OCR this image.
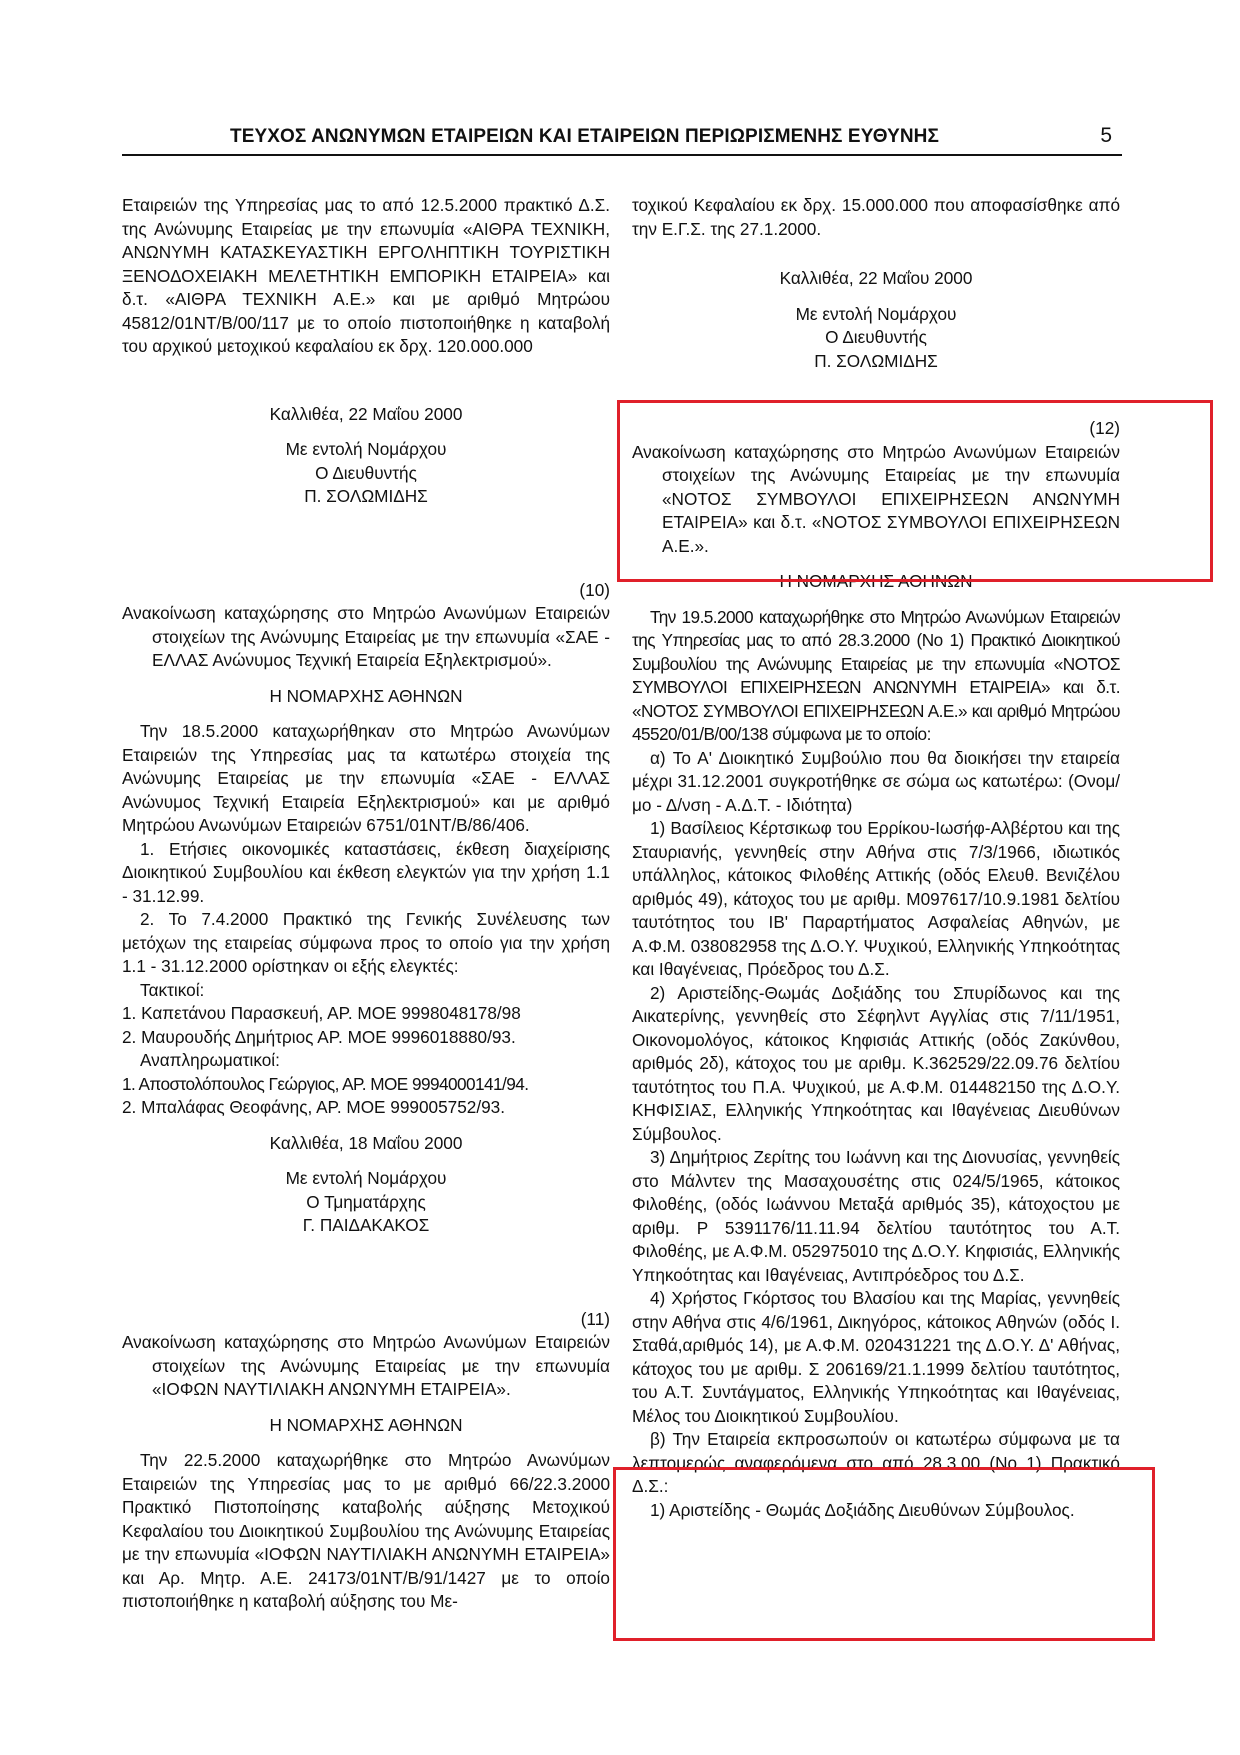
ΤΕΥΧΟΣ ΑΝΩΝΥΜΩΝ ΕΤΑΙΡΕΙΩΝ ΚΑΙ ΕΤΑΙΡΕΙΩΝ ΠΕΡΙΩΡΙΣΜΕΝΗΣ ΕΥΘΥΝΗΣ	5

Εταιρειών της Υπηρεσίας μας το από 12.5.2000 πρακτικό Δ.Σ. της Ανώνυμης Εταιρείας με την επωνυμία «ΑΙΘΡΑ ΤΕΧΝΙΚΗ, ΑΝΩΝΥΜΗ ΚΑΤΑΣΚΕΥΑΣΤΙΚΗ ΕΡΓΟΛΗΠΤΙΚΗ ΤΟΥΡΙΣΤΙΚΗ ΞΕΝΟΔΟΧΕΙΑΚΗ ΜΕΛΕΤΗΤΙΚΗ ΕΜΠΟΡΙΚΗ ΕΤΑΙΡΕΙΑ» και δ.τ. «ΑΙΘΡΑ ΤΕΧΝΙΚΗ Α.Ε.» και με αριθμό Μητρώου 45812/01ΝΤ/Β/00/117 με το οποίο πιστοποιήθηκε η καταβολή του αρχικού μετοχικού κεφαλαίου εκ δρχ. 120.000.000

Καλλιθέα, 22 Μαΐου 2000

Με εντολή Νομάρχου

Ο Διευθυντής

Π. ΣΟΛΩΜΙΔΗΣ

(10)

Ανακοίνωση καταχώρησης στο Μητρώο Ανωνύμων Εταιρειών στοιχείων της Ανώνυμης Εταιρείας με την επωνυμία «ΣΑΕ - ΕΛΛΑΣ Ανώνυμος Τεχνική Εταιρεία Εξηλεκτρισμού».

Η ΝΟΜΑΡΧΗΣ ΑΘΗΝΩΝ

Την 18.5.2000 καταχωρήθηκαν στο Μητρώο Ανωνύμων Εταιρειών της Υπηρεσίας μας τα κατωτέρω στοιχεία της Ανώνυμης Εταιρείας με την επωνυμία «ΣΑΕ - ΕΛΛΑΣ Ανώνυμος Τεχνική Εταιρεία Εξηλεκτρισμού» και με αριθμό Μητρώου Ανωνύμων Εταιρειών 6751/01ΝΤ/Β/86/406.

1. Ετήσιες οικονομικές καταστάσεις, έκθεση διαχείρισης Διοικητικού Συμβουλίου και έκθεση ελεγκτών για την χρήση 1.1 - 31.12.99.

2. Το 7.4.2000 Πρακτικό της Γενικής Συνέλευσης των μετόχων της εταιρείας σύμφωνα προς το οποίο για την χρήση 1.1 - 31.12.2000 ορίστηκαν οι εξής ελεγκτές:

Τακτικοί:

1. Καπετάνου Παρασκευή, ΑΡ. ΜΟΕ 9998048178/98

2. Μαυρουδής Δημήτριος ΑΡ. ΜΟΕ 9996018880/93.

Αναπληρωματικοί:

1. Αποστολόπουλος Γεώργιος, ΑΡ. ΜΟΕ 9994000141/94.

2. Μπαλάφας Θεοφάνης, ΑΡ. ΜΟΕ 999005752/93.

Καλλιθέα, 18 Μαΐου 2000

Με εντολή Νομάρχου

Ο Τμηματάρχης

Γ. ΠΑΙΔΑΚΑΚΟΣ

(11)

Ανακοίνωση καταχώρησης στο Μητρώο Ανωνύμων Εταιρειών στοιχείων της Ανώνυμης Εταιρείας με την επωνυμία «ΙΟΦΩΝ ΝΑΥΤΙΛΙΑΚΗ ΑΝΩΝΥΜΗ ΕΤΑΙΡΕΙΑ».

Η ΝΟΜΑΡΧΗΣ ΑΘΗΝΩΝ

Την 22.5.2000 καταχωρήθηκε στο Μητρώο Ανωνύμων Εταιρειών της Υπηρεσίας μας το με αριθμό 66/22.3.2000 Πρακτικό Πιστοποίησης καταβολής αύξησης Μετοχικού Κεφαλαίου του Διοικητικού Συμβουλίου της Ανώνυμης Εταιρείας με την επωνυμία «ΙΟΦΩΝ ΝΑΥΤΙΛΙΑΚΗ ΑΝΩΝΥΜΗ ΕΤΑΙΡΕΙΑ» και Αρ. Μητρ. Α.Ε. 24173/01ΝΤ/Β/91/1427 με το οποίο πιστοποιήθηκε η καταβολή αύξησης του Με-

τοχικού Κεφαλαίου εκ δρχ. 15.000.000 που αποφασίσθηκε από την Ε.Γ.Σ. της 27.1.2000.

Καλλιθέα, 22 Μαΐου 2000

Με εντολή Νομάρχου

Ο Διευθυντής

Π. ΣΟΛΩΜΙΔΗΣ

(12)

Ανακοίνωση καταχώρησης στο Μητρώο Ανωνύμων Εταιρειών στοιχείων της Ανώνυμης Εταιρείας με την επωνυμία «ΝΟΤΟΣ ΣΥΜΒΟΥΛΟΙ ΕΠΙΧΕΙΡΗΣΕΩΝ ΑΝΩΝΥΜΗ ΕΤΑΙΡΕΙΑ» και δ.τ. «ΝΟΤΟΣ ΣΥΜΒΟΥΛΟΙ ΕΠΙΧΕΙΡΗΣΕΩΝ Α.Ε.».

Η ΝΟΜΑΡΧΗΣ ΑΘΗΝΩΝ

Την 19.5.2000 καταχωρήθηκε στο Μητρώο Ανωνύμων Εταιρειών της Υπηρεσίας μας το από 28.3.2000 (Νο 1) Πρακτικό Διοικητικού Συμβουλίου της Ανώνυμης Εταιρείας με την επωνυμία «ΝΟΤΟΣ ΣΥΜΒΟΥΛΟΙ ΕΠΙΧΕΙΡΗΣΕΩΝ ΑΝΩΝΥΜΗ ΕΤΑΙΡΕΙΑ» και δ.τ. «ΝΟΤΟΣ ΣΥΜΒΟΥΛΟΙ ΕΠΙΧΕΙΡΗΣΕΩΝ Α.Ε.» και αριθμό Μητρώου 45520/01/Β/00/138 σύμφωνα με το οποίο:

α) Το Α' Διοικητικό Συμβούλιο που θα διοικήσει την εταιρεία μέχρι 31.12.2001 συγκροτήθηκε σε σώμα ως κατωτέρω: (Ονομ/μο - Δ/νση - Α.Δ.Τ. - Ιδιότητα)

1) Βασίλειος Κέρτσικωφ του Ερρίκου-Ιωσήφ-Αλβέρτου και της Σταυριανής, γεννηθείς στην Αθήνα στις 7/3/1966, ιδιωτικός υπάλληλος, κάτοικος Φιλοθέης Αττικής (οδός Ελευθ. Βενιζέλου αριθμός 49), κάτοχος του με αριθμ. Μ097617/10.9.1981 δελτίου ταυτότητος του ΙΒ' Παραρτήματος Ασφαλείας Αθηνών, με Α.Φ.Μ. 038082958 της Δ.Ο.Υ. Ψυχικού, Ελληνικής Υπηκοότητας και Ιθαγένειας, Πρόεδρος του Δ.Σ.

2) Αριστείδης-Θωμάς Δοξιάδης του Σπυρίδωνος και της Αικατερίνης, γεννηθείς στο Σέφηλντ Αγγλίας στις 7/11/1951, Οικονομολόγος, κάτοικος Κηφισιάς Αττικής (οδός Ζακύνθου, αριθμός 2δ), κάτοχος του με αριθμ. Κ.362529/22.09.76 δελτίου ταυτότητος του Π.Α. Ψυχικού, με Α.Φ.Μ. 014482150 της Δ.Ο.Υ. ΚΗΦΙΣΙΑΣ, Ελληνικής Υπηκοότητας και Ιθαγένειας Διευθύνων Σύμβουλος.

3) Δημήτριος Ζερίτης του Ιωάννη και της Διονυσίας, γεννηθείς στο Μάλντεν της Μασαχουσέτης στις 024/5/1965, κάτοικος Φιλοθέης, (οδός Ιωάννου Μεταξά αριθμός 35), κάτοχοςτου με αριθμ. Ρ 5391176/11.11.94 δελτίου ταυτότητος του Α.Τ. Φιλοθέης, με Α.Φ.Μ. 052975010 της Δ.Ο.Υ. Κηφισιάς, Ελληνικής Υπηκοότητας και Ιθαγένειας, Αντιπρόεδρος του Δ.Σ.

4) Χρήστος Γκόρτσος του Βλασίου και της Μαρίας, γεννηθείς στην Αθήνα στις 4/6/1961, Δικηγόρος, κάτοικος Αθηνών (οδός Ι. Σταθά,αριθμός 14), με Α.Φ.Μ. 020431221 της Δ.Ο.Υ. Δ' Αθήνας, κάτοχος του με αριθμ. Σ 206169/21.1.1999 δελτίου ταυτότητος, του Α.Τ. Συντάγματος, Ελληνικής Υπηκοότητας και Ιθαγένειας, Μέλος του Διοικητικού Συμβουλίου.

β) Την Εταιρεία εκπροσωπούν οι κατωτέρω σύμφωνα με τα λεπτομερώς αναφερόμενα στο από 28.3.00 (Νο 1) Πρακτικό Δ.Σ.:

1) Αριστείδης - Θωμάς Δοξιάδης Διευθύνων Σύμβουλος.
